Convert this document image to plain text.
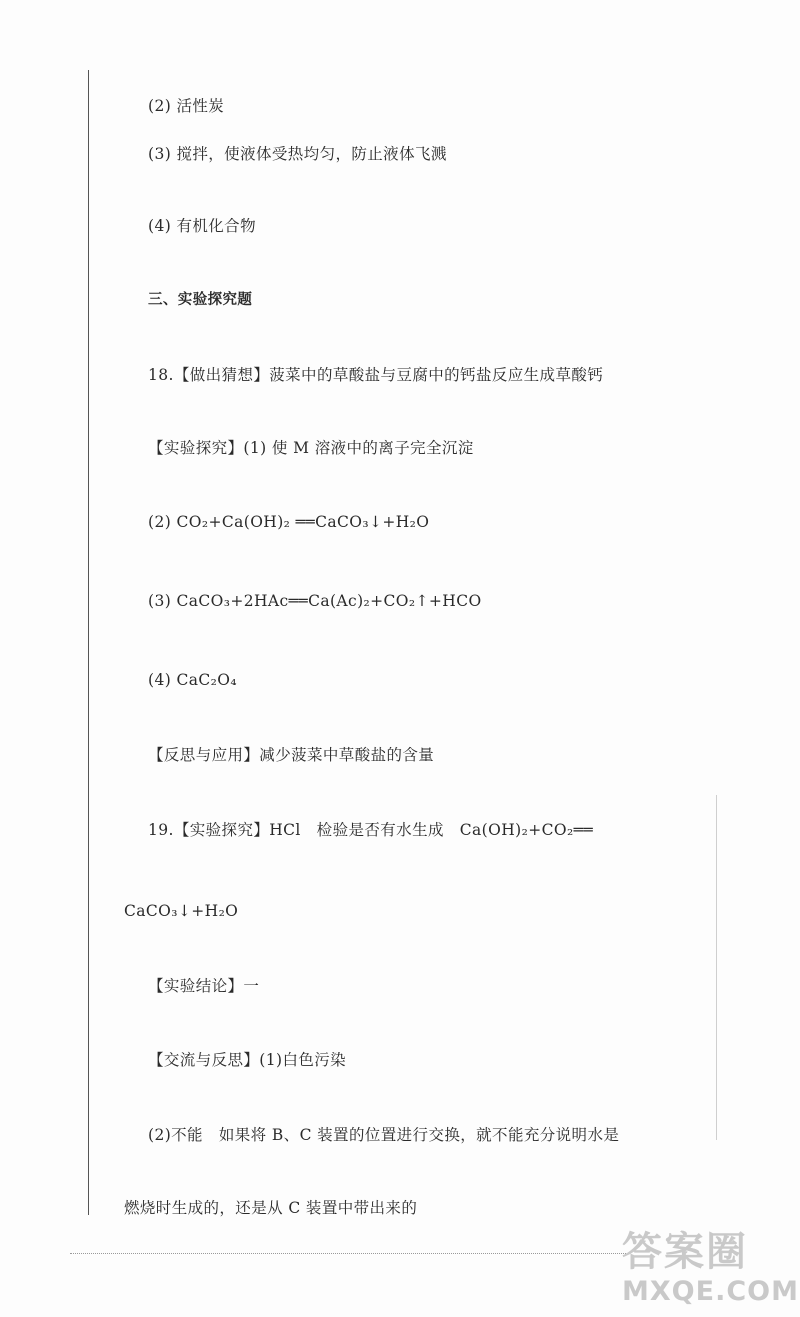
(2) 活性炭
(3) 搅拌，使液体受热均匀，防止液体飞溅
(4) 有机化合物
三、实验探究题
18.【做出猜想】菠菜中的草酸盐与豆腐中的钙盐反应生成草酸钙
【实验探究】(1) 使 M 溶液中的离子完全沉淀
(2) CO₂+Ca(OH)₂ ══CaCO₃↓+H₂O
(3) CaCO₃+2HAc══Ca(Ac)₂+CO₂↑+HCO
(4) CaC₂O₄
【反思与应用】减少菠菜中草酸盐的含量
19.【实验探究】HCl　检验是否有水生成　Ca(OH)₂+CO₂══
CaCO₃↓+H₂O
【实验结论】一
【交流与反思】(1)白色污染
(2)不能　如果将 B、C 装置的位置进行交换，就不能充分说明水是
燃烧时生成的，还是从 C 装置中带出来的
答案圈
MXQE.COM
